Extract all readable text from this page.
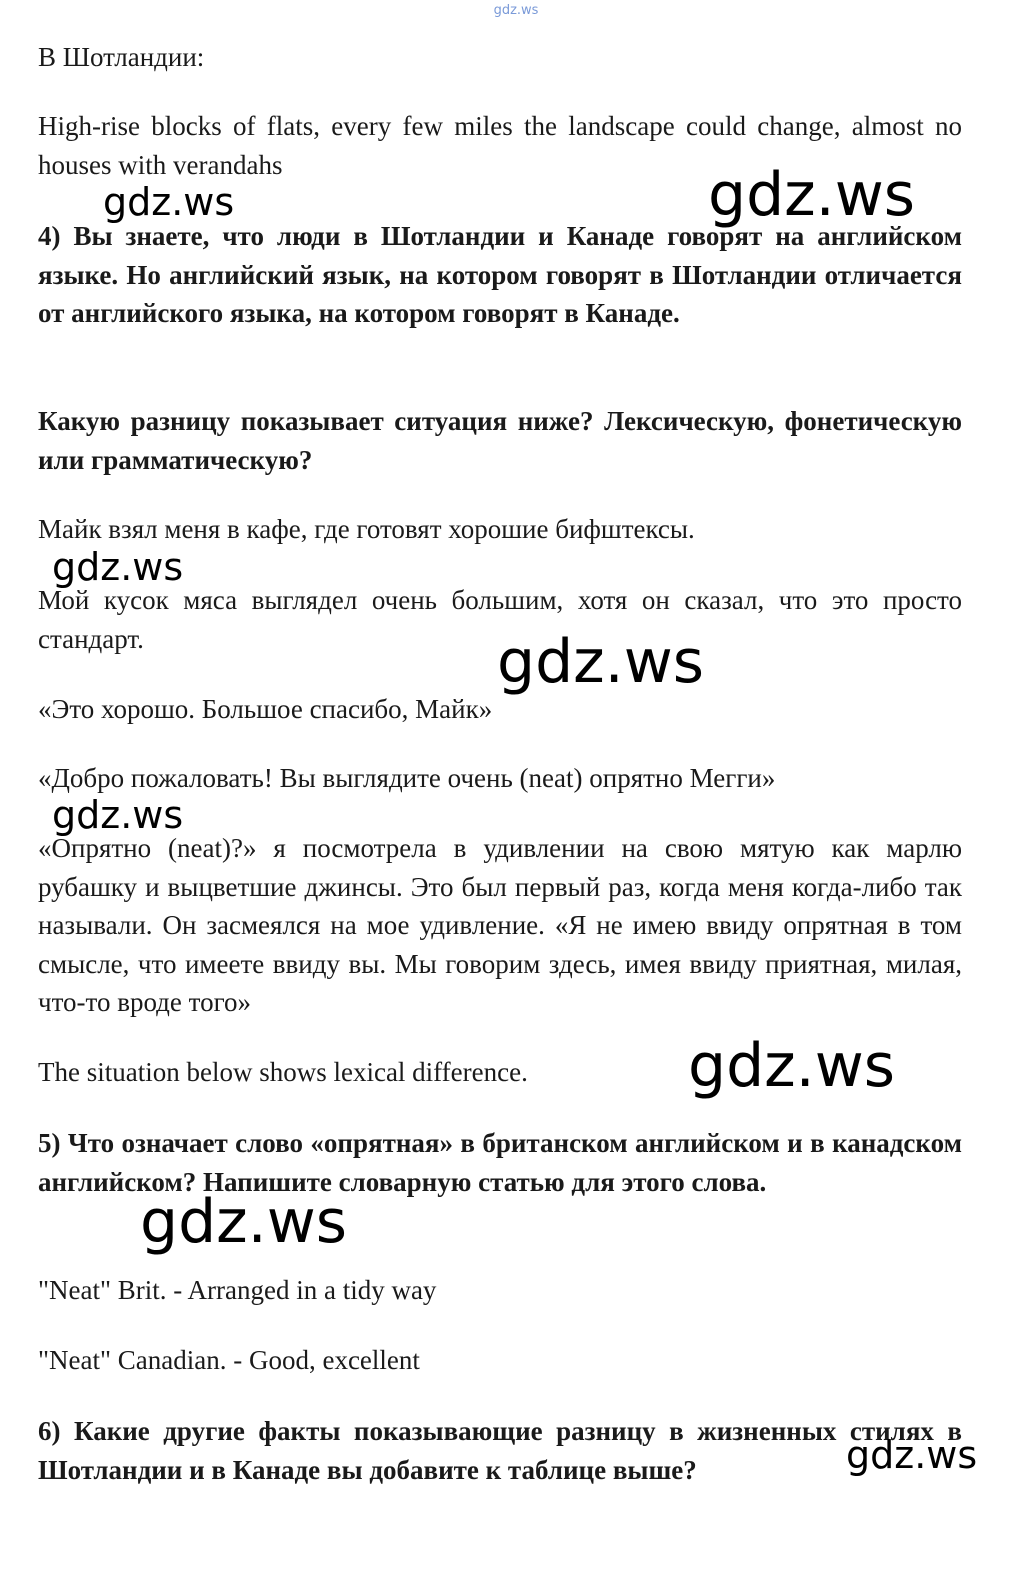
gdz.ws

В Шотландии:

High-rise blocks of flats, every few miles the landscape could change, almost no houses with verandahs

4) Вы знаете, что люди в Шотландии и Канаде говорят на английском языке. Но английский язык, на котором говорят в Шотландии отличается от английского языка, на котором говорят в Канаде.

Какую разницу показывает ситуация ниже? Лексическую, фонетическую или грамматическую?

Майк взял меня в кафе, где готовят хорошие бифштексы.

Мой кусок мяса выглядел очень большим, хотя он сказал, что это просто стандарт.

«Это хорошо. Большое спасибо, Майк»

«Добро пожаловать! Вы выглядите очень (neat) опрятно Мегги»

«Опрятно (neat)?» я посмотрела в удивлении на свою мятую как марлю рубашку и выцветшие джинсы. Это был первый раз, когда меня когда-либо так называли. Он засмеялся на мое удивление. «Я не имею ввиду опрятная в том смысле, что имеете ввиду вы. Мы говорим здесь, имея ввиду приятная, милая, что-то вроде того»

The situation below shows lexical difference.

5) Что означает слово «опрятная» в британском английском и в канадском английском? Напишите словарную статью для этого слова.

"Neat" Brit. - Arranged in a tidy way

"Neat" Canadian. - Good, excellent

6) Какие другие факты показывающие разницу в жизненных стилях в Шотландии и в Канаде вы добавите к таблице выше?

gdz.ws	gdz.ws
gdz.ws
gdz.ws
gdz.ws
gdz.ws
gdz.ws
gdz.ws
